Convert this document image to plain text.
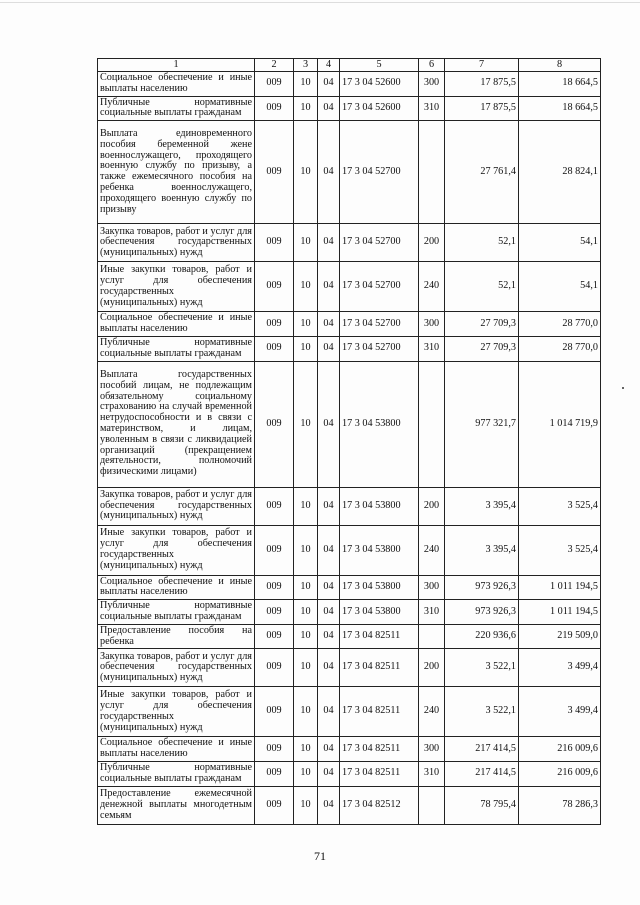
1	2	3	4	5	6	7	8
Социальное обеспечение и иные выплаты населению	009	10	04	17 3 04 52600	300	17 875,5	18 664,5
Публичные нормативные социальные выплаты гражданам	009	10	04	17 3 04 52600	310	17 875,5	18 664,5
Выплата единовременного пособия беременной жене военнослужащего, проходящего военную службу по призыву, а также ежемесячного пособия на ребенка военнослужащего, проходящего военную службу по призыву	009	10	04	17 3 04 52700		27 761,4	28 824,1
Закупка товаров, работ и услуг для обеспечения государственных (муниципальных) нужд	009	10	04	17 3 04 52700	200	52,1	54,1
Иные закупки товаров, работ и услуг для обеспечения государственных (муниципальных) нужд	009	10	04	17 3 04 52700	240	52,1	54,1
Социальное обеспечение и иные выплаты населению	009	10	04	17 3 04 52700	300	27 709,3	28 770,0
Публичные нормативные социальные выплаты гражданам	009	10	04	17 3 04 52700	310	27 709,3	28 770,0
Выплата государственных пособий лицам, не подлежащим обязательному социальному страхованию на случай временной нетрудоспособности и в связи с материнством, и лицам, уволенным в связи с ликвидацией организаций (прекращением деятельности, полномочий физическими лицами)	009	10	04	17 3 04 53800		977 321,7	1 014 719,9
Закупка товаров, работ и услуг для обеспечения государственных (муниципальных) нужд	009	10	04	17 3 04 53800	200	3 395,4	3 525,4
Иные закупки товаров, работ и услуг для обеспечения государственных (муниципальных) нужд	009	10	04	17 3 04 53800	240	3 395,4	3 525,4
Социальное обеспечение и иные выплаты населению	009	10	04	17 3 04 53800	300	973 926,3	1 011 194,5
Публичные нормативные социальные выплаты гражданам	009	10	04	17 3 04 53800	310	973 926,3	1 011 194,5
Предоставление пособия на ребенка	009	10	04	17 3 04 82511		220 936,6	219 509,0
Закупка товаров, работ и услуг для обеспечения государственных (муниципальных) нужд	009	10	04	17 3 04 82511	200	3 522,1	3 499,4
Иные закупки товаров, работ и услуг для обеспечения государственных (муниципальных) нужд	009	10	04	17 3 04 82511	240	3 522,1	3 499,4
Социальное обеспечение и иные выплаты населению	009	10	04	17 3 04 82511	300	217 414,5	216 009,6
Публичные нормативные социальные выплаты гражданам	009	10	04	17 3 04 82511	310	217 414,5	216 009,6
Предоставление ежемесячной денежной выплаты многодетным семьям	009	10	04	17 3 04 82512		78 795,4	78 286,3
71
